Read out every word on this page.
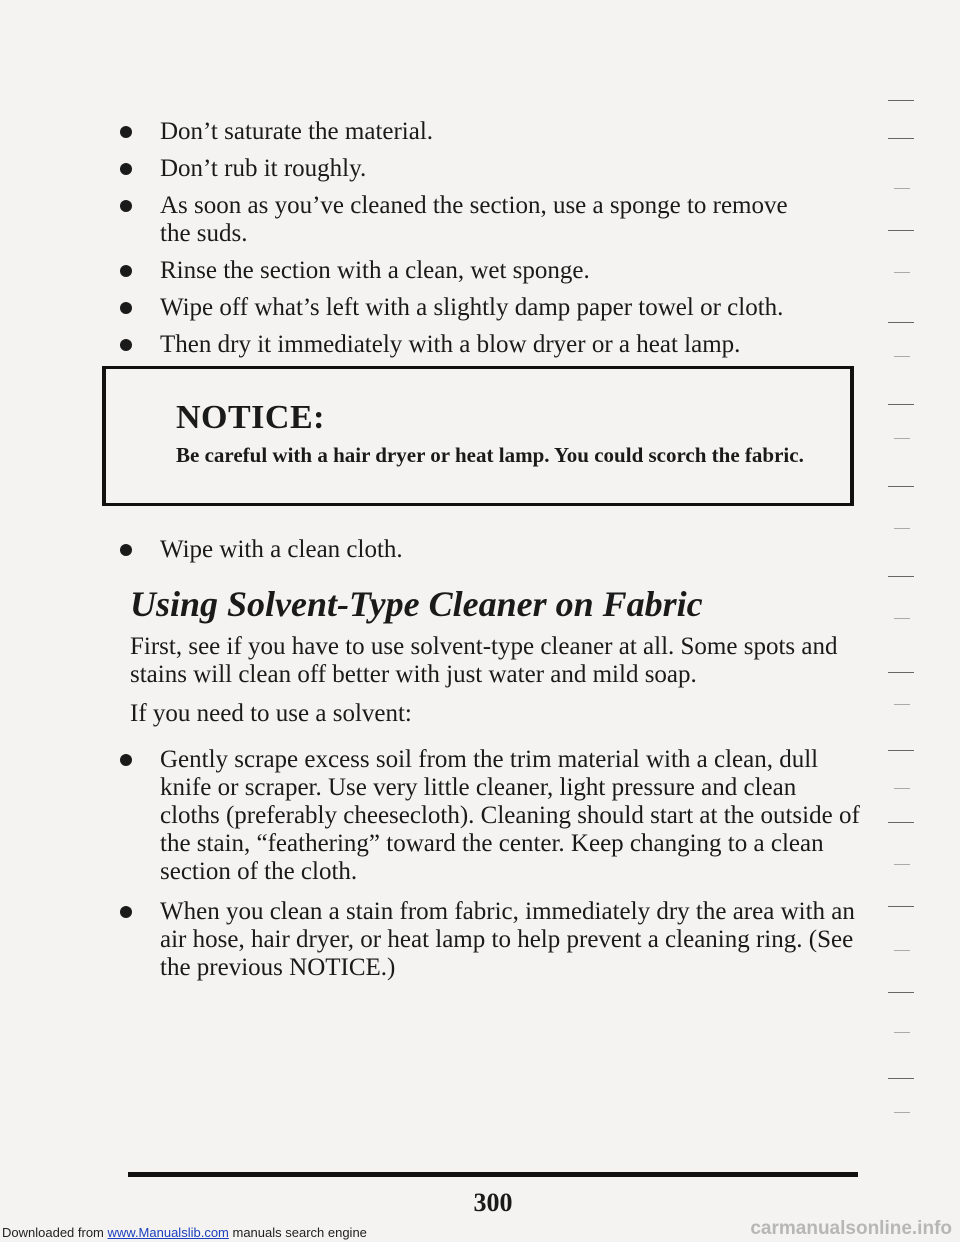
Don’t saturate the material.
Don’t rub it roughly.
As soon as you’ve cleaned the section, use a sponge to remove the suds.
Rinse the section with a clean, wet sponge.
Wipe off what’s left with a slightly damp paper towel or cloth.
Then dry it immediately with a blow dryer or a heat lamp.
NOTICE:
Be careful with a hair dryer or heat lamp. You could scorch the fabric.
Wipe with a clean cloth.
Using Solvent-Type Cleaner on Fabric
First, see if you have to use solvent-type cleaner at all. Some spots and stains will clean off better with just water and mild soap.
If you need to use a solvent:
Gently scrape excess soil from the trim material with a clean, dull knife or scraper. Use very little cleaner, light pressure and clean cloths (preferably cheesecloth). Cleaning should start at the outside of the stain, “feathering” toward the center. Keep changing to a clean section of the cloth.
When you clean a stain from fabric, immediately dry the area with an air hose, hair dryer, or heat lamp to help prevent a cleaning ring. (See the previous NOTICE.)
300
Downloaded from www.Manualslib.com manuals search engine	carmanualsonline.info
